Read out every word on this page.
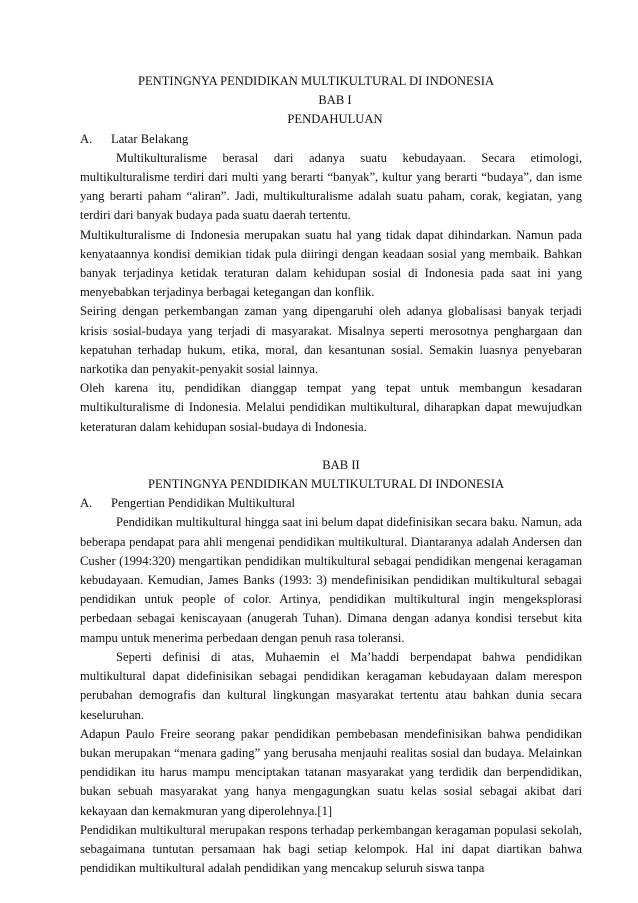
PENTINGNYA PENDIDIKAN MULTIKULTURAL DI INDONESIA
BAB I
PENDAHULUAN
A.	Latar Belakang

Multikulturalisme berasal dari adanya suatu kebudayaan. Secara etimologi, multikulturalisme terdiri dari multi yang berarti “banyak”, kultur yang berarti “budaya”, dan isme yang berarti paham “aliran”. Jadi, multikulturalisme adalah suatu paham, corak, kegiatan, yang terdiri dari banyak budaya pada suatu daerah tertentu.

Multikulturalisme di Indonesia merupakan suatu hal yang tidak dapat dihindarkan. Namun pada kenyataannya kondisi demikian tidak pula diiringi dengan keadaan sosial yang membaik. Bahkan banyak terjadinya ketidak teraturan dalam kehidupan sosial di Indonesia pada saat ini yang menyebabkan terjadinya berbagai ketegangan dan konflik.

Seiring dengan perkembangan zaman yang dipengaruhi oleh adanya globalisasi banyak terjadi krisis sosial-budaya yang terjadi di masyarakat. Misalnya seperti merosotnya penghargaan dan kepatuhan terhadap hukum, etika, moral, dan kesantunan sosial. Semakin luasnya penyebaran narkotika dan penyakit-penyakit sosial lainnya.

Oleh karena itu, pendidikan dianggap tempat yang tepat untuk membangun kesadaran multikulturalisme di Indonesia. Melalui pendidikan multikultural, diharapkan dapat mewujudkan keteraturan dalam kehidupan sosial-budaya di Indonesia.

BAB II
PENTINGNYA PENDIDIKAN MULTIKULTURAL DI INDONESIA
A.	Pengertian Pendidikan Multikultural

Pendidikan multikultural hingga saat ini belum dapat didefinisikan secara baku. Namun, ada beberapa pendapat para ahli mengenai pendidikan multikultural. Diantaranya adalah Andersen dan Cusher (1994:320) mengartikan pendidikan multikultural sebagai pendidikan mengenai keragaman kebudayaan. Kemudian, James Banks (1993: 3) mendefinisikan pendidikan multikultural sebagai pendidikan untuk people of color. Artinya, pendidikan multikultural ingin mengeksplorasi perbedaan sebagai keniscayaan (anugerah Tuhan). Dimana dengan adanya kondisi tersebut kita mampu untuk menerima perbedaan dengan penuh rasa toleransi.

Seperti definisi di atas, Muhaemin el Ma’haddi berpendapat bahwa pendidikan multikultural dapat didefinisikan sebagai pendidikan keragaman kebudayaan dalam merespon perubahan demografis dan kultural lingkungan masyarakat tertentu atau bahkan dunia secara keseluruhan.

Adapun Paulo Freire seorang pakar pendidikan pembebasan mendefinisikan bahwa pendidikan bukan merupakan “menara gading” yang berusaha menjauhi realitas sosial dan budaya. Melainkan pendidikan itu harus mampu menciptakan tatanan masyarakat yang terdidik dan berpendidikan, bukan sebuah masyarakat yang hanya mengagungkan suatu kelas sosial sebagai akibat dari kekayaan dan kemakmuran yang diperolehnya.[1]

Pendidikan multikultural merupakan respons terhadap perkembangan keragaman populasi sekolah, sebagaimana tuntutan persamaan hak bagi setiap kelompok. Hal ini dapat diartikan bahwa pendidikan multikultural adalah pendidikan yang mencakup seluruh siswa tanpa
